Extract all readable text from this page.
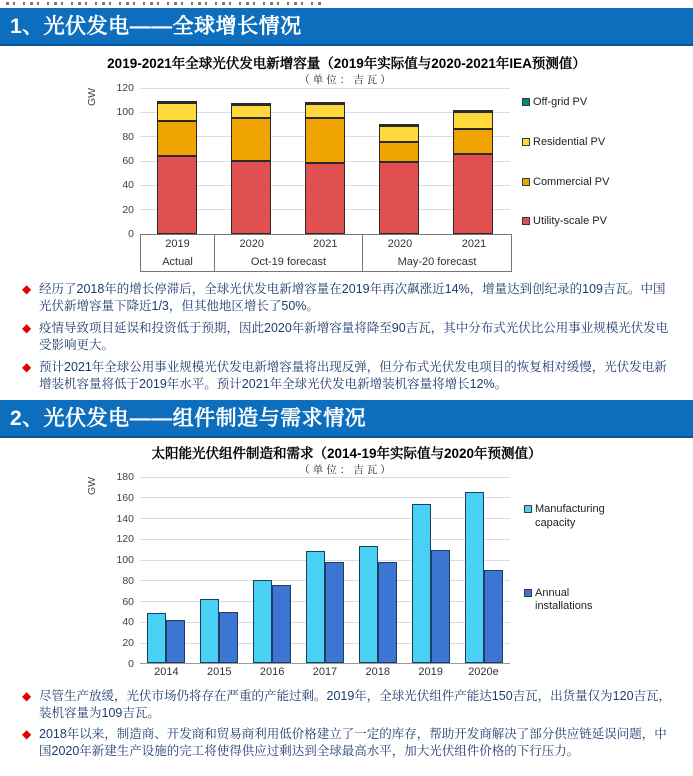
1、光伏发电——全球增长情况
2019-2021年全球光伏发电新增容量（2019年实际值与2020-2021年IEA预测值）
（单位：吉瓦）
GW
0
20
40
60
80
100
120
2019	2020	2021	2020	2021
Actual	Oct-19 forecast	May-20 forecast
Off-grid PV
Residential PV
Commercial PV
Utility-scale PV
◆ 经历了2018年的增长停滞后，全球光伏发电新增容量在2019年再次飙涨近14%，增量达到创纪录的109吉瓦。中国光伏新增容量下降近1/3，但其他地区增长了50%。
◆ 疫情导致项目延误和投资低于预期，因此2020年新增容量将降至90吉瓦，其中分布式光伏比公用事业规模光伏发电受影响更大。
◆ 预计2021年全球公用事业规模光伏发电新增容量将出现反弹，但分布式光伏发电项目的恢复相对缓慢，光伏发电新增装机容量将低于2019年水平。预计2021年全球光伏发电新增装机容量将增长12%。
2、光伏发电——组件制造与需求情况
太阳能光伏组件制造和需求（2014-19年实际值与2020年预测值）
（单位：吉瓦）
GW
0
20
40
60
80
100
120
140
160
180
2014	2015	2016	2017	2018	2019	2020e
Manufacturing capacity
Annual installations
◆ 尽管生产放缓，光伏市场仍将存在严重的产能过剩。2019年，全球光伏组件产能达150吉瓦，出货量仅为120吉瓦，装机容量为109吉瓦。
◆ 2018年以来，制造商、开发商和贸易商利用低价格建立了一定的库存，帮助开发商解决了部分供应链延误问题，中国2020年新建生产设施的完工将使得供应过剩达到全球最高水平，加大光伏组件价格的下行压力。
